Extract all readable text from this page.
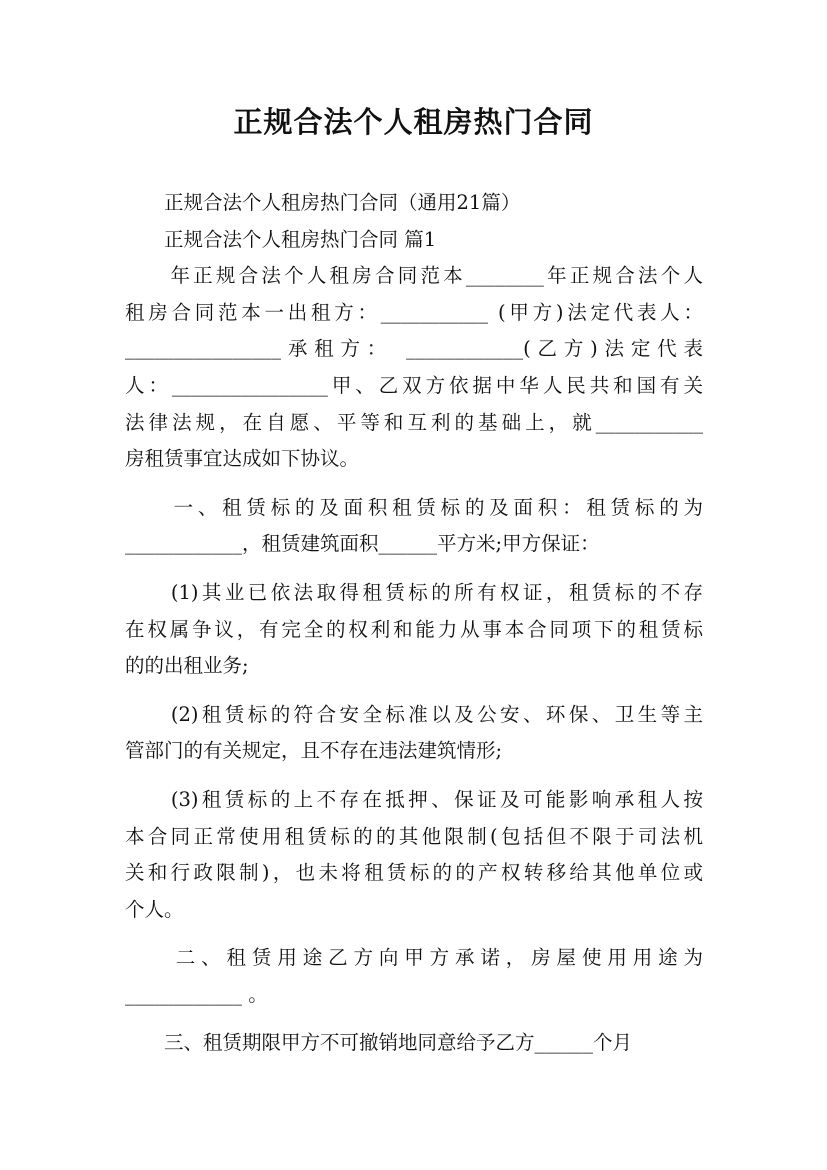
正规合法个人租房热门合同
　　正规合法个人租房热门合同（通用21篇）
　　正规合法个人租房热门合同 篇1
　　年正规合法个人租房合同范本________年正规合法个人
租房合同范本一出租方：___________ (甲方)法定代表人：
________________承租方： ____________(乙方)法定代表
人：________________甲、乙双方依据中华人民共和国有关
法律法规，在自愿、平等和互利的基础上，就___________
房租赁事宜达成如下协议。
　　一、租赁标的及面积租赁标的及面积：租赁标的为
____________，租赁建筑面积______平方米;甲方保证：
　　(1)其业已依法取得租赁标的所有权证，租赁标的不存
在权属争议，有完全的权利和能力从事本合同项下的租赁标
的的出租业务;
　　(2)租赁标的符合安全标准以及公安、环保、卫生等主
管部门的有关规定，且不存在违法建筑情形;
　　(3)租赁标的上不存在抵押、保证及可能影响承租人按
本合同正常使用租赁标的的其他限制(包括但不限于司法机
关和行政限制)，也未将租赁标的的产权转移给其他单位或
个人。
　　二、租赁用途乙方向甲方承诺，房屋使用用途为
____________ 。
　　三、租赁期限甲方不可撤销地同意给予乙方______个月
